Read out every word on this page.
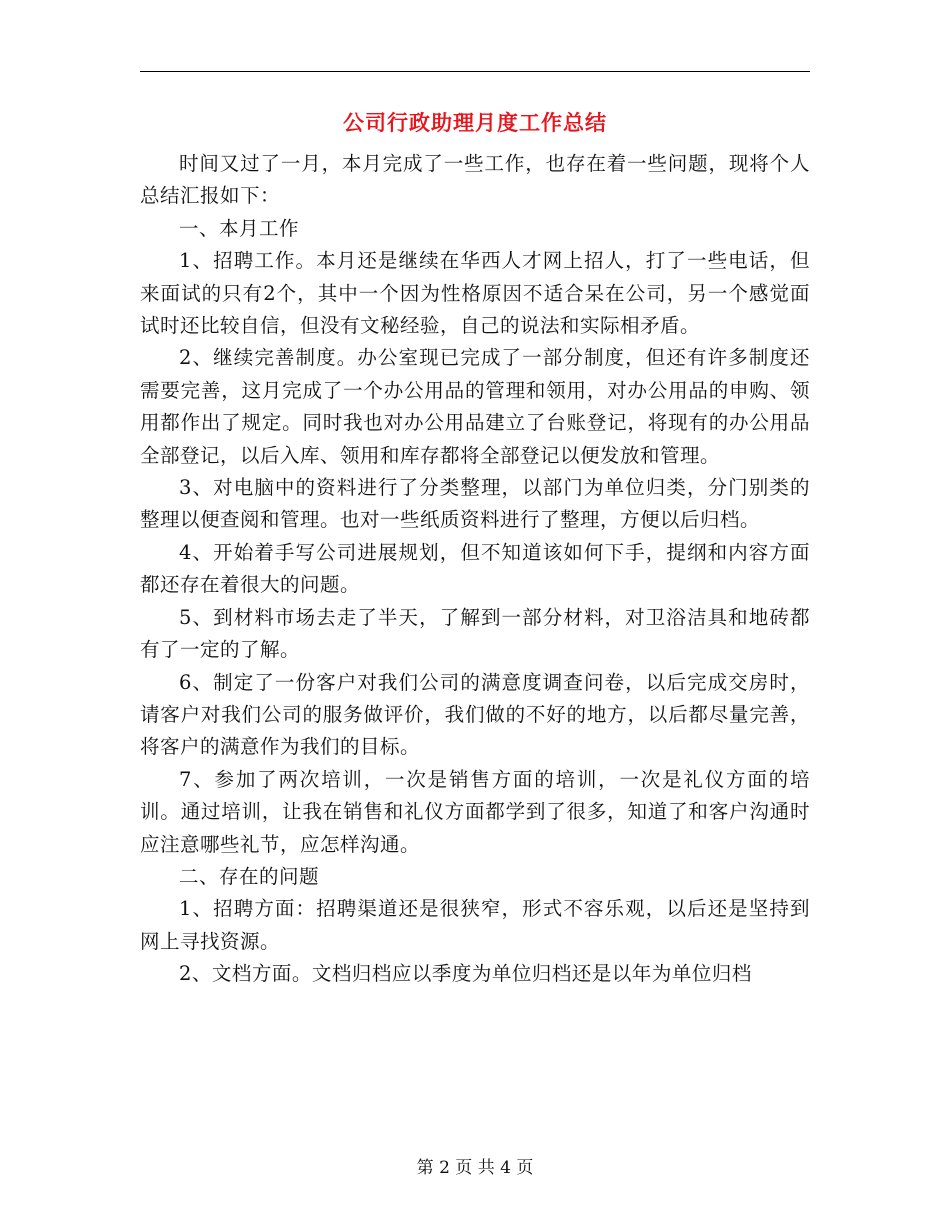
公司行政助理月度工作总结

时间又过了一月，本月完成了一些工作，也存在着一些问题，现将个人总结汇报如下：

一、本月工作

1、招聘工作。本月还是继续在华西人才网上招人，打了一些电话，但来面试的只有2个，其中一个因为性格原因不适合呆在公司，另一个感觉面试时还比较自信，但没有文秘经验，自己的说法和实际相矛盾。

2、继续完善制度。办公室现已完成了一部分制度，但还有许多制度还需要完善，这月完成了一个办公用品的管理和领用，对办公用品的申购、领用都作出了规定。同时我也对办公用品建立了台账登记，将现有的办公用品全部登记，以后入库、领用和库存都将全部登记以便发放和管理。

3、对电脑中的资料进行了分类整理，以部门为单位归类，分门别类的整理以便查阅和管理。也对一些纸质资料进行了整理，方便以后归档。

4、开始着手写公司进展规划，但不知道该如何下手，提纲和内容方面都还存在着很大的问题。

5、到材料市场去走了半天，了解到一部分材料，对卫浴洁具和地砖都有了一定的了解。

6、制定了一份客户对我们公司的满意度调查问卷，以后完成交房时，请客户对我们公司的服务做评价，我们做的不好的地方，以后都尽量完善，将客户的满意作为我们的目标。

7、参加了两次培训，一次是销售方面的培训，一次是礼仪方面的培训。通过培训，让我在销售和礼仪方面都学到了很多，知道了和客户沟通时应注意哪些礼节，应怎样沟通。

二、存在的问题

1、招聘方面：招聘渠道还是很狭窄，形式不容乐观，以后还是坚持到网上寻找资源。

2、文档方面。文档归档应以季度为单位归档还是以年为单位归档

第 2 页 共 4 页
